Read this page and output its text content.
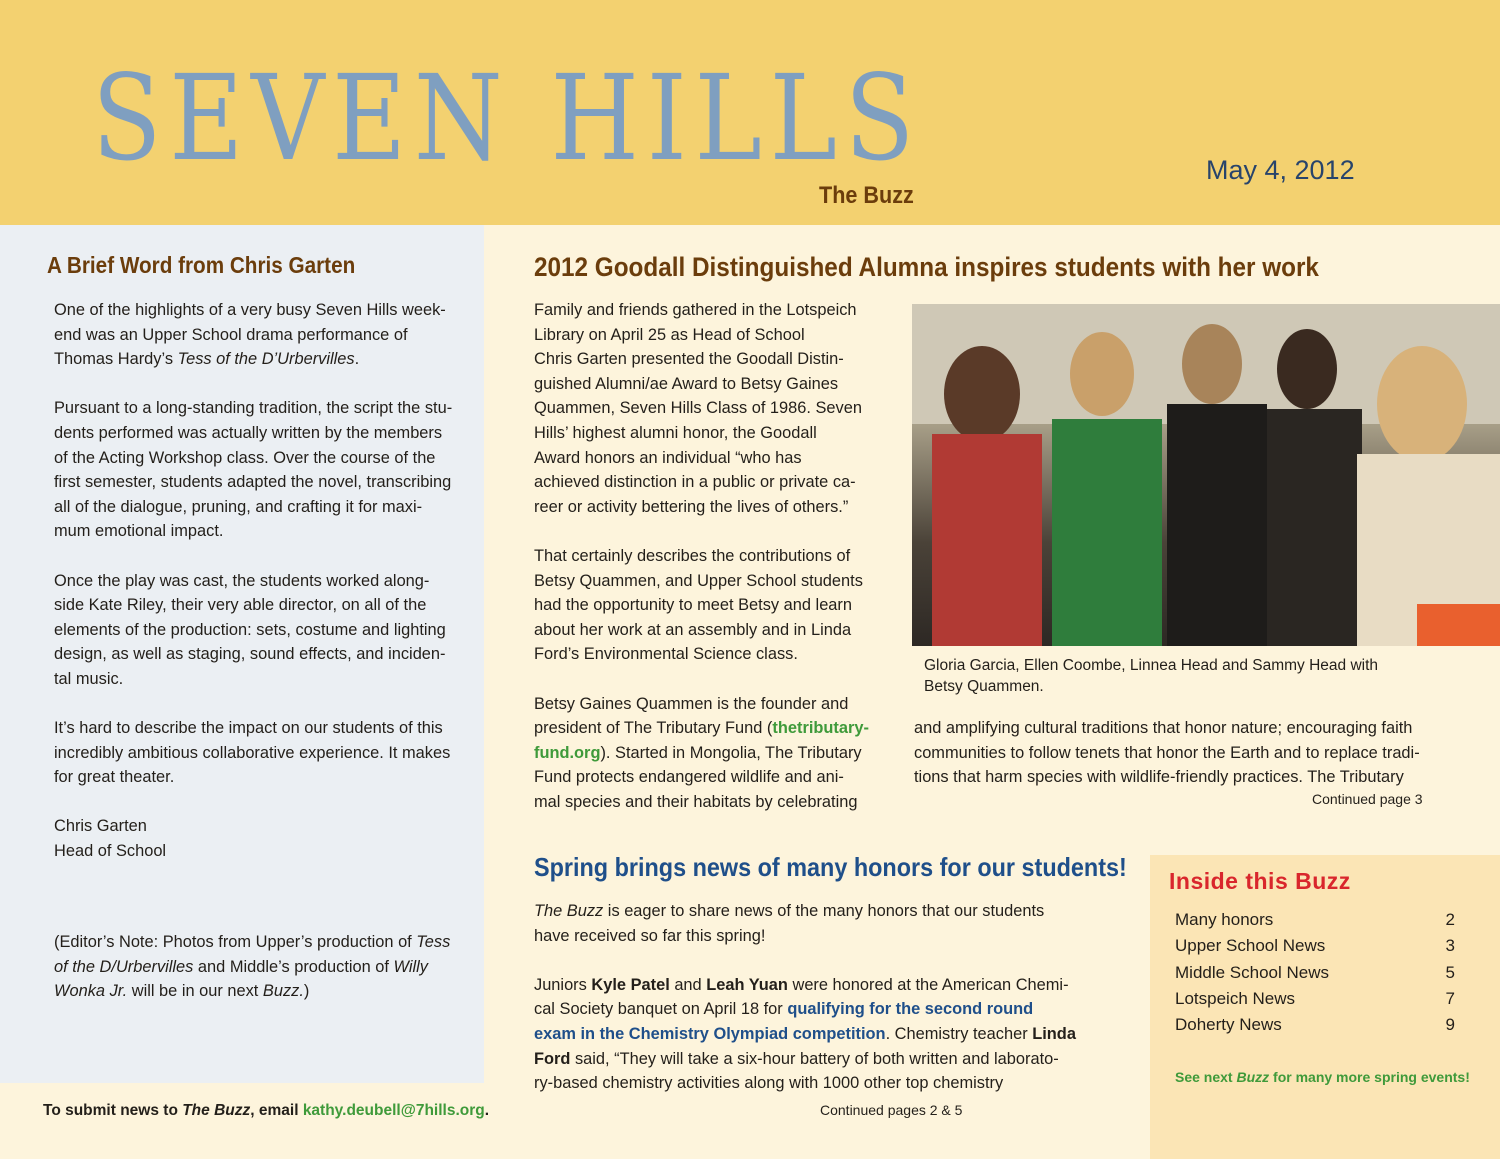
SEVEN HILLS
The Buzz
May 4, 2012
A Brief Word from Chris Garten

One of the highlights of a very busy Seven Hills week-
end was an Upper School drama performance of
Thomas Hardy’s Tess of the D’Urbervilles.

Pursuant to a long-standing tradition, the script the stu-
dents performed was actually written by the members
of the Acting Workshop class. Over the course of the
first semester, students adapted the novel, transcribing
all of the dialogue, pruning, and crafting it for maxi-
mum emotional impact.

Once the play was cast, the students worked along-
side Kate Riley, their very able director, on all of the
elements of the production: sets, costume and lighting
design, as well as staging, sound effects, and inciden-
tal music.

It’s hard to describe the impact on our students of this
incredibly ambitious collaborative experience. It makes
for great theater.

Chris Garten
Head of School

(Editor’s Note: Photos from Upper’s production of Tess
of the D/Urbervilles and Middle’s production of Willy
Wonka Jr. will be in our next Buzz.)
To submit news to The Buzz, email kathy.deubell@7hills.org.
2012 Goodall Distinguished Alumna inspires students with her work

Family and friends gathered in the Lotspeich
Library on April 25 as Head of School
Chris Garten presented the Goodall Distin-
guished Alumni/ae Award to Betsy Gaines
Quammen, Seven Hills Class of 1986. Seven
Hills’ highest alumni honor, the Goodall
Award honors an individual “who has
achieved distinction in a public or private ca-
reer or activity bettering the lives of others.”

That certainly describes the contributions of
Betsy Quammen, and Upper School students
had the opportunity to meet Betsy and learn
about her work at an assembly and in Linda
Ford’s Environmental Science class.

Betsy Gaines Quammen is the founder and
president of The Tributary Fund (thetributary-
fund.org). Started in Mongolia, The Tributary
Fund protects endangered wildlife and ani-
mal species and their habitats by celebrating

Gloria Garcia, Ellen Coombe, Linnea Head and Sammy Head with
Betsy Quammen.
and amplifying cultural traditions that honor nature; encouraging faith
communities to follow tenets that honor the Earth and to replace tradi-
tions that harm species with wildlife-friendly practices. The Tributary
Continued page 3
Spring brings news of many honors for our students!

The Buzz is eager to share news of the many honors that our students
have received so far this spring!

Juniors Kyle Patel and Leah Yuan were honored at the American Chemi-
cal Society banquet on April 18 for qualifying for the second round
exam in the Chemistry Olympiad competition. Chemistry teacher Linda
Ford said, “They will take a six-hour battery of both written and laborato-
ry-based chemistry activities along with 1000 other top chemistry

Continued pages 2 & 5
Inside this Buzz
Many honors	2
Upper School News	3
Middle School News	5
Lotspeich News	7
Doherty News	9
See next Buzz for many more spring events!
